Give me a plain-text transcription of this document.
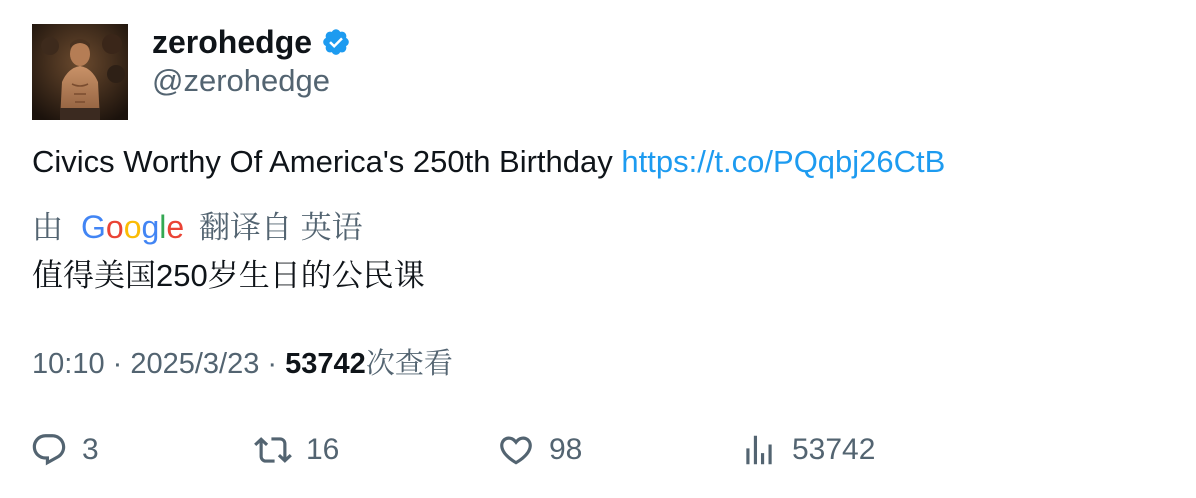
zerohedge
@zerohedge
Civics Worthy Of America's 250th Birthday https://t.co/PQqbj26CtB
由 Google 翻译自 英语
值得美国250岁生日的公民课
10:10 · 2025/3/23 · 53742次查看
3	16	98	53742
